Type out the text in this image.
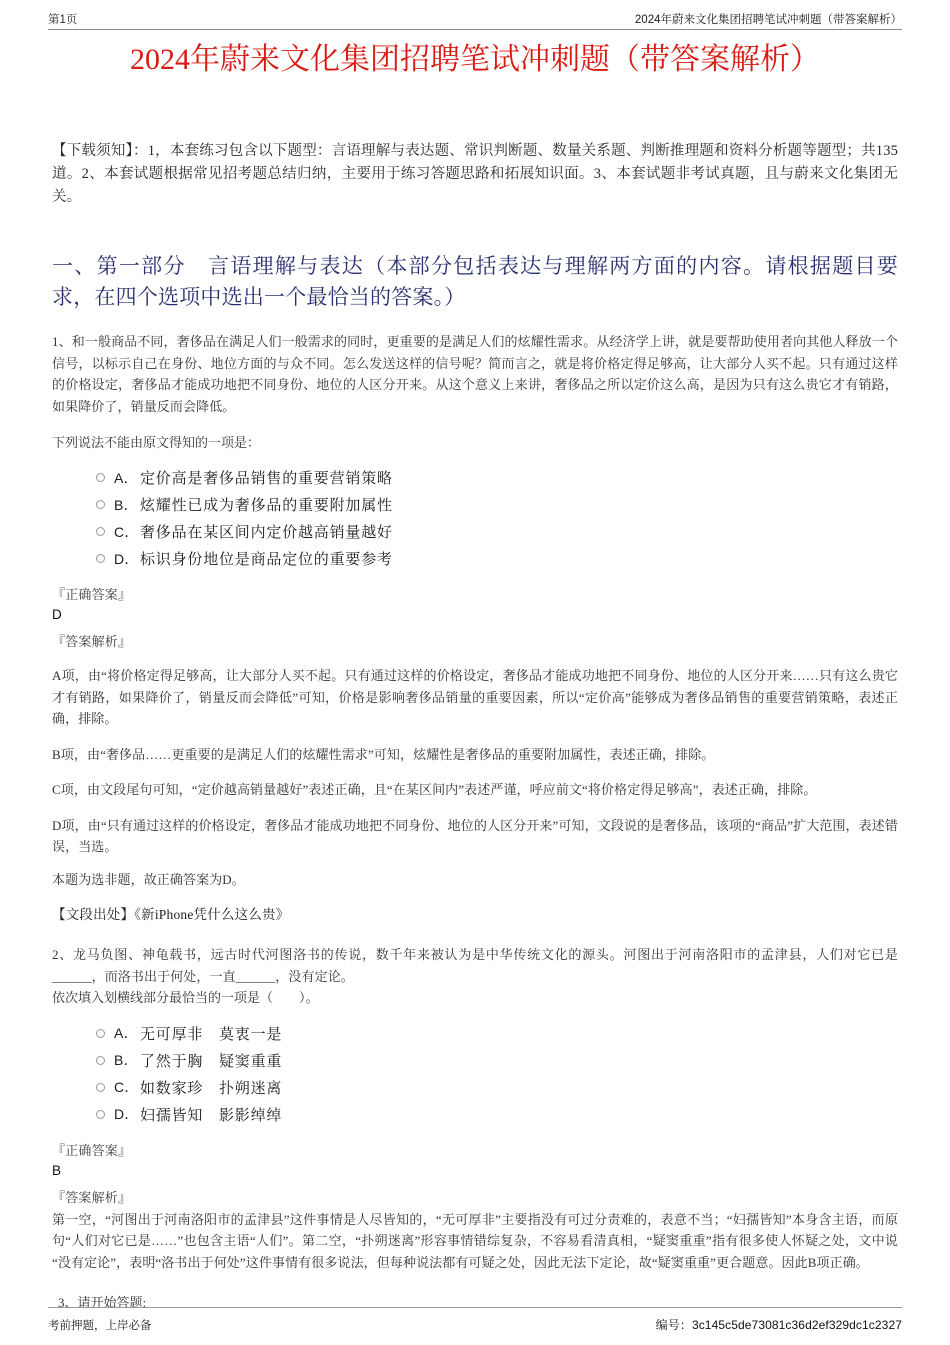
第1页	2024年蔚来文化集团招聘笔试冲刺题（带答案解析）
2024年蔚来文化集团招聘笔试冲刺题（带答案解析）
【下载须知】：1，本套练习包含以下题型：言语理解与表达题、常识判断题、数量关系题、判断推理题和资料分析题等题型；共135道。2、本套试题根据常见招考题总结归纳，主要用于练习答题思路和拓展知识面。3、本套试题非考试真题，且与蔚来文化集团无关。
一、第一部分　言语理解与表达（本部分包括表达与理解两方面的内容。请根据题目要求，在四个选项中选出一个最恰当的答案。）
1、和一般商品不同，奢侈品在满足人们一般需求的同时，更重要的是满足人们的炫耀性需求。从经济学上讲，就是要帮助使用者向其他人释放一个信号，以标示自己在身份、地位方面的与众不同。怎么发送这样的信号呢？简而言之，就是将价格定得足够高，让大部分人买不起。只有通过这样的价格设定，奢侈品才能成功地把不同身份、地位的人区分开来。从这个意义上来讲，奢侈品之所以定价这么高，是因为只有这么贵它才有销路，如果降价了，销量反而会降低。
下列说法不能由原文得知的一项是：
A． 定价高是奢侈品销售的重要营销策略
B． 炫耀性已成为奢侈品的重要附加属性
C． 奢侈品在某区间内定价越高销量越好
D． 标识身份地位是商品定位的重要参考
『正确答案』
D
『答案解析』
A项，由“将价格定得足够高，让大部分人买不起。只有通过这样的价格设定，奢侈品才能成功地把不同身份、地位的人区分开来……只有这么贵它才有销路，如果降价了，销量反而会降低”可知，价格是影响奢侈品销量的重要因素，所以“定价高”能够成为奢侈品销售的重要营销策略，表述正确，排除。
B项，由“奢侈品……更重要的是满足人们的炫耀性需求”可知，炫耀性是奢侈品的重要附加属性，表述正确，排除。
C项，由文段尾句可知，“定价越高销量越好”表述正确，且“在某区间内”表述严谨，呼应前文“将价格定得足够高”，表述正确，排除。
D项，由“只有通过这样的价格设定，奢侈品才能成功地把不同身份、地位的人区分开来”可知，文段说的是奢侈品，该项的“商品”扩大范围，表述错误，当选。
本题为选非题，故正确答案为D。
【文段出处】《新iPhone凭什么这么贵》
2、龙马负图、神龟载书，远古时代河图洛书的传说，数千年来被认为是中华传统文化的源头。河图出于河南洛阳市的孟津县，人们对它已是______，而洛书出于何处，一直______，没有定论。
依次填入划横线部分最恰当的一项是（　　）。
A． 无可厚非　莫衷一是
B． 了然于胸　疑窦重重
C． 如数家珍　扑朔迷离
D． 妇孺皆知　影影绰绰
『正确答案』
B
『答案解析』
第一空，“河图出于河南洛阳市的孟津县”这件事情是人尽皆知的，“无可厚非”主要指没有可过分责难的，表意不当；“妇孺皆知”本身含主语，而原句“人们对它已是……”也包含主语“人们”。第二空，“扑朔迷离”形容事情错综复杂，不容易看清真相，“疑窦重重”指有很多使人怀疑之处，文中说“没有定论”，表明“洛书出于何处”这件事情有很多说法，但每种说法都有可疑之处，因此无法下定论，故“疑窦重重”更合题意。因此B项正确。
3、请开始答题:
考前押题，上岸必备	编号：3c145c5de73081c36d2ef329dc1c2327
